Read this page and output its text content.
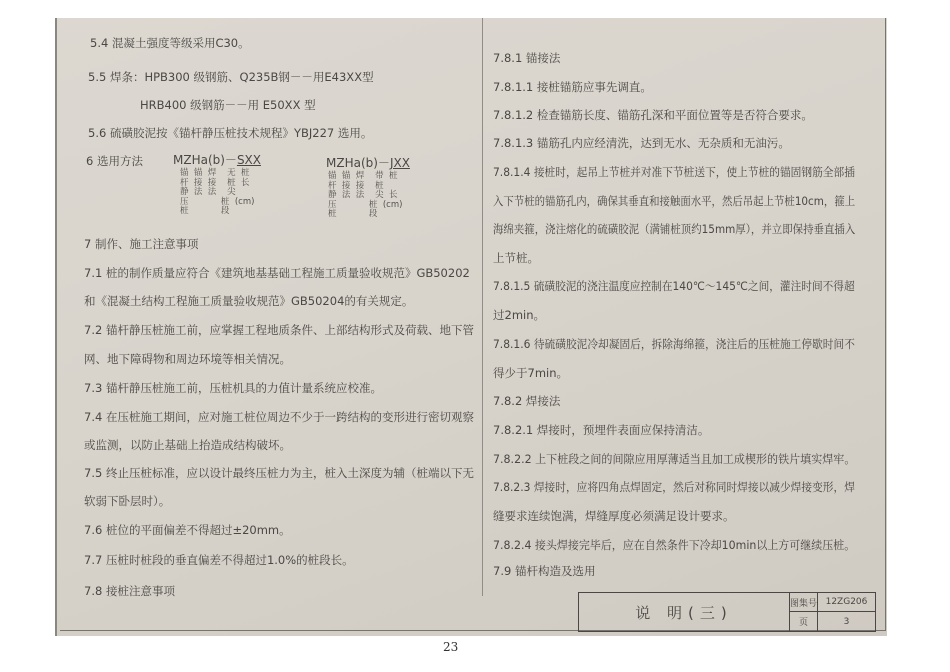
5.4 混凝土强度等级采用C30。
5.5 焊条：HPB300 级钢筋、Q235B钢－－用E43XX型
HRB400 级钢筋－－用 E50XX 型
5.6 硫磺胶泥按《锚杆静压桩技术规程》YBJ227 选用。
6 选用方法	MZHa(b)－SXX
锚  锚  焊    无  桩
杆  接  接    桩  长
静  法  法    尖
压            桩  (cm)
桩            段
MZHa(b)－JXX
锚  锚  焊    带  桩
杆  接  接    桩
静  法  法    尖  长
压            桩  (cm)
桩            段
7 制作、施工注意事项
7.1 桩的制作质量应符合《建筑地基基础工程施工质量验收规范》GB50202
和《混凝土结构工程施工质量验收规范》GB50204的有关规定。
7.2 锚杆静压桩施工前，应掌握工程地质条件、上部结构形式及荷载、地下管
网、地下障碍物和周边环境等相关情况。
7.3 锚杆静压桩施工前，压桩机具的力值计量系统应校准。
7.4 在压桩施工期间，应对施工桩位周边不少于一跨结构的变形进行密切观察
或监测，以防止基础上抬造成结构破坏。
7.5 终止压桩标准，应以设计最终压桩力为主，桩入土深度为辅（桩端以下无
软弱下卧层时）。
7.6 桩位的平面偏差不得超过±20mm。
7.7 压桩时桩段的垂直偏差不得超过1.0%的桩段长。
7.8 接桩注意事项
7.8.1 锚接法
7.8.1.1 接桩锚筋应事先调直。
7.8.1.2 检查锚筋长度、锚筋孔深和平面位置等是否符合要求。
7.8.1.3 锚筋孔内应经清洗，达到无水、无杂质和无油污。
7.8.1.4 接桩时，起吊上节桩并对准下节桩送下，使上节桩的锚固钢筋全部插
入下节桩的锚筋孔内，确保其垂直和接触面水平，然后吊起上节桩10cm，箍上
海绵夹箍，浇注熔化的硫磺胶泥（满铺桩顶约15mm厚），并立即保持垂直插入
上节桩。
7.8.1.5 硫磺胶泥的浇注温度应控制在140℃～145℃之间，灌注时间不得超
过2min。
7.8.1.6 待硫磺胶泥冷却凝固后，拆除海绵箍，浇注后的压桩施工停歇时间不
得少于7min。
7.8.2 焊接法
7.8.2.1 焊接时，预埋件表面应保持清洁。
7.8.2.2 上下桩段之间的间隙应用厚薄适当且加工成楔形的铁片填实焊牢。
7.8.2.3 焊接时，应将四角点焊固定，然后对称同时焊接以减少焊接变形，焊
缝要求连续饱满，焊缝厚度必须满足设计要求。
7.8.2.4 接头焊接完毕后，应在自然条件下冷却10min以上方可继续压桩。
7.9 锚杆构造及选用
说 明(三)	图集号 12ZG206
页	3
23
